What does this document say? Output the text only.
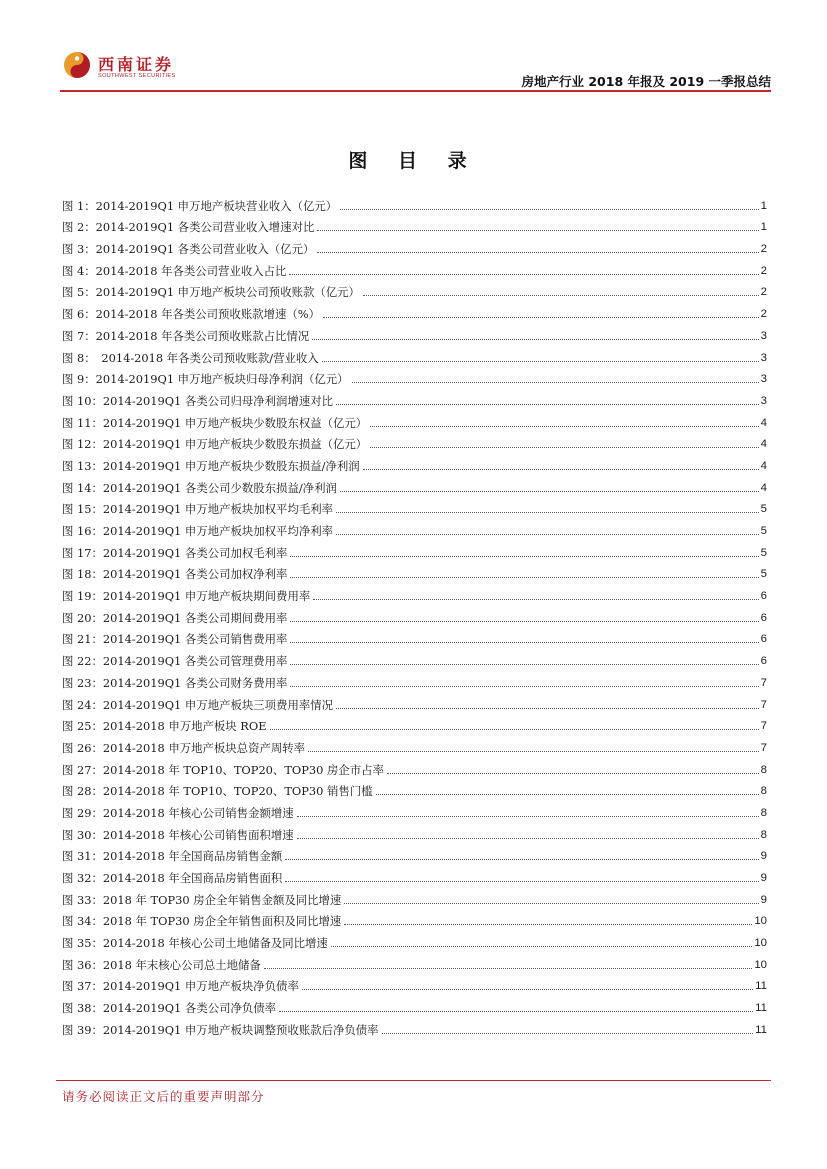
西南证券
SOUTHWEST SECURITIES	房地产行业 2018 年报及 2019 一季报总结
图 目 录
图 1：2014-2019Q1 申万地产板块营业收入（亿元）	1
图 2：2014-2019Q1 各类公司营业收入增速对比	1
图 3：2014-2019Q1 各类公司营业收入（亿元）	2
图 4：2014-2018 年各类公司营业收入占比	2
图 5：2014-2019Q1 申万地产板块公司预收账款（亿元）	2
图 6：2014-2018 年各类公司预收账款增速（%）	2
图 7：2014-2018 年各类公司预收账款占比情况	3
图 8：　2014-2018 年各类公司预收账款/营业收入	3
图 9：2014-2019Q1 申万地产板块归母净利润（亿元）	3
图 10：2014-2019Q1 各类公司归母净利润增速对比	3
图 11：2014-2019Q1 申万地产板块少数股东权益（亿元）	4
图 12：2014-2019Q1 申万地产板块少数股东损益（亿元）	4
图 13：2014-2019Q1 申万地产板块少数股东损益/净利润	4
图 14：2014-2019Q1 各类公司少数股东损益/净利润	4
图 15：2014-2019Q1 申万地产板块加权平均毛利率	5
图 16：2014-2019Q1 申万地产板块加权平均净利率	5
图 17：2014-2019Q1 各类公司加权毛利率	5
图 18：2014-2019Q1 各类公司加权净利率	5
图 19：2014-2019Q1 申万地产板块期间费用率	6
图 20：2014-2019Q1 各类公司期间费用率	6
图 21：2014-2019Q1 各类公司销售费用率	6
图 22：2014-2019Q1 各类公司管理费用率	6
图 23：2014-2019Q1 各类公司财务费用率	7
图 24：2014-2019Q1 申万地产板块三项费用率情况	7
图 25：2014-2018 申万地产板块 ROE	7
图 26：2014-2018 申万地产板块总资产周转率	7
图 27：2014-2018 年 TOP10、TOP20、TOP30 房企市占率	8
图 28：2014-2018 年 TOP10、TOP20、TOP30 销售门槛	8
图 29：2014-2018 年核心公司销售金额增速	8
图 30：2014-2018 年核心公司销售面积增速	8
图 31：2014-2018 年全国商品房销售金额	9
图 32：2014-2018 年全国商品房销售面积	9
图 33：2018 年 TOP30 房企全年销售金额及同比增速	9
图 34：2018 年 TOP30 房企全年销售面积及同比增速	10
图 35：2014-2018 年核心公司土地储备及同比增速	10
图 36：2018 年末核心公司总土地储备	10
图 37：2014-2019Q1 申万地产板块净负债率	11
图 38：2014-2019Q1 各类公司净负债率	11
图 39：2014-2019Q1 申万地产板块调整预收账款后净负债率	11
请务必阅读正文后的重要声明部分
